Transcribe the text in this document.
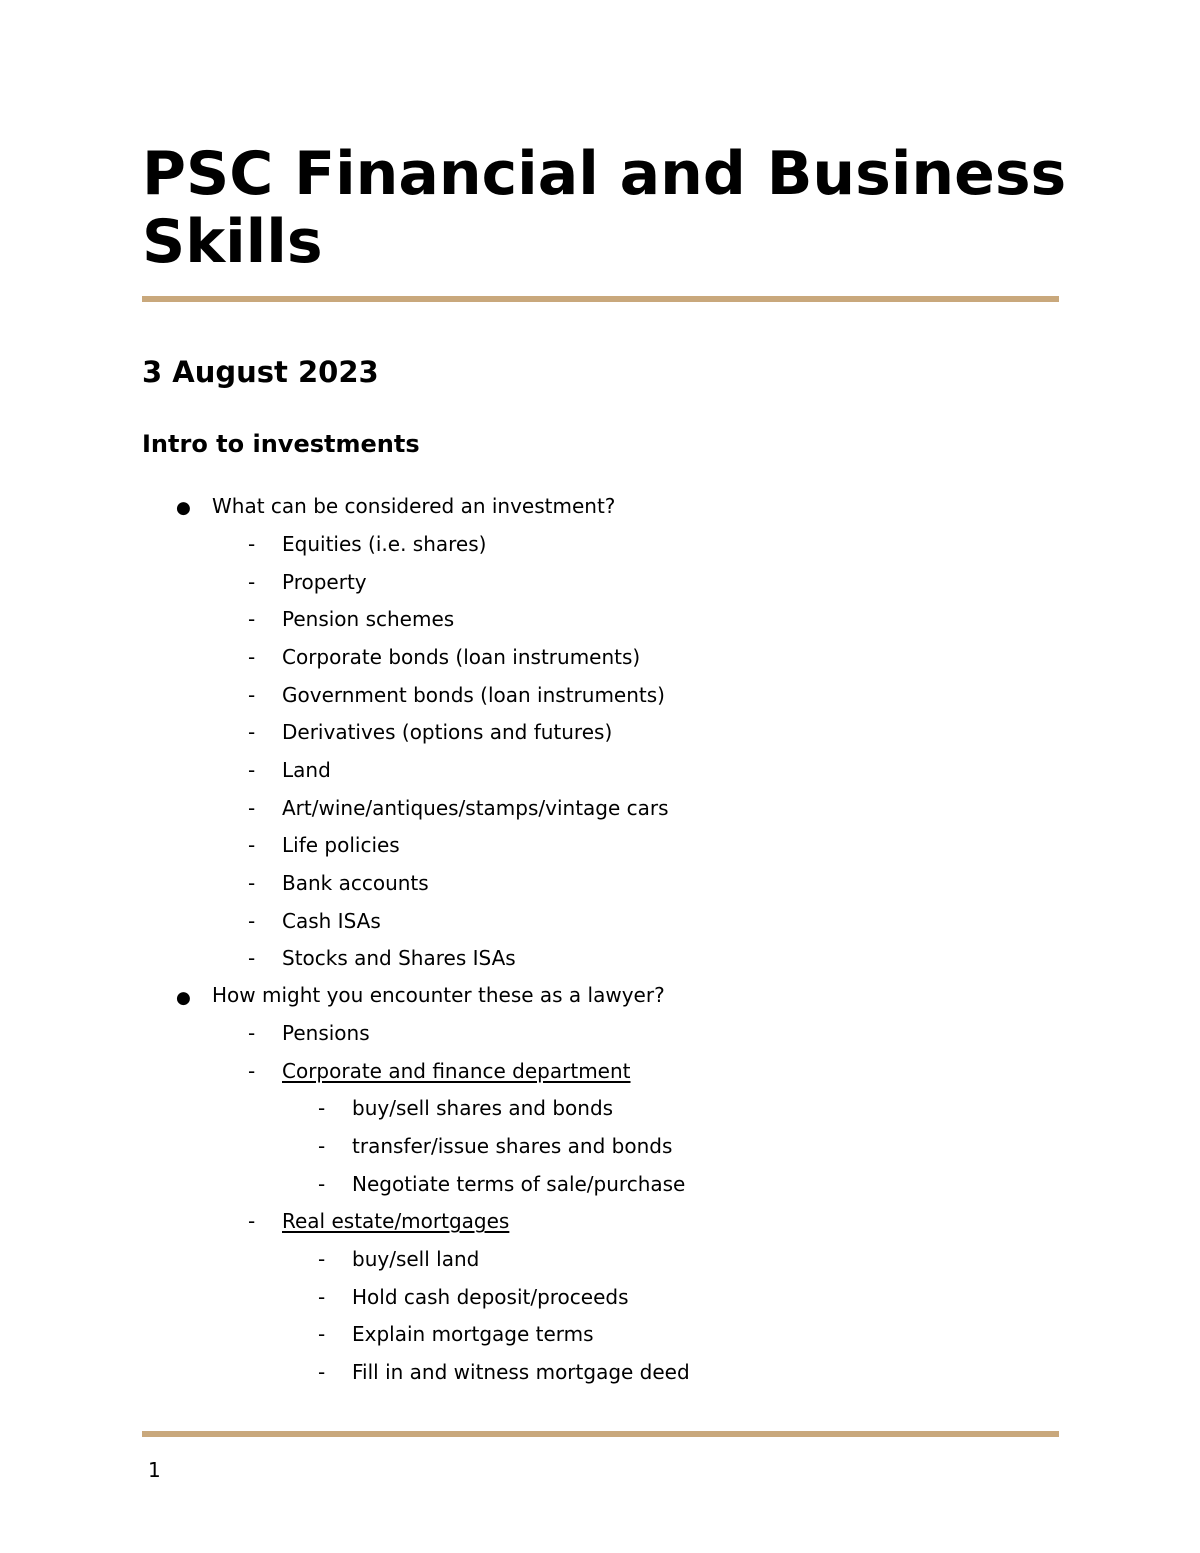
PSC Financial and Business Skills
3 August 2023
Intro to investments
● What can be considered an investment?
- Equities (i.e. shares)
- Property
- Pension schemes
- Corporate bonds (loan instruments)
- Government bonds (loan instruments)
- Derivatives (options and futures)
- Land
- Art/wine/antiques/stamps/vintage cars
- Life policies
- Bank accounts
- Cash ISAs
- Stocks and Shares ISAs
● How might you encounter these as a lawyer?
- Pensions
- Corporate and finance department
- buy/sell shares and bonds
- transfer/issue shares and bonds
- Negotiate terms of sale/purchase
- Real estate/mortgages
- buy/sell land
- Hold cash deposit/proceeds
- Explain mortgage terms
- Fill in and witness mortgage deed
1
